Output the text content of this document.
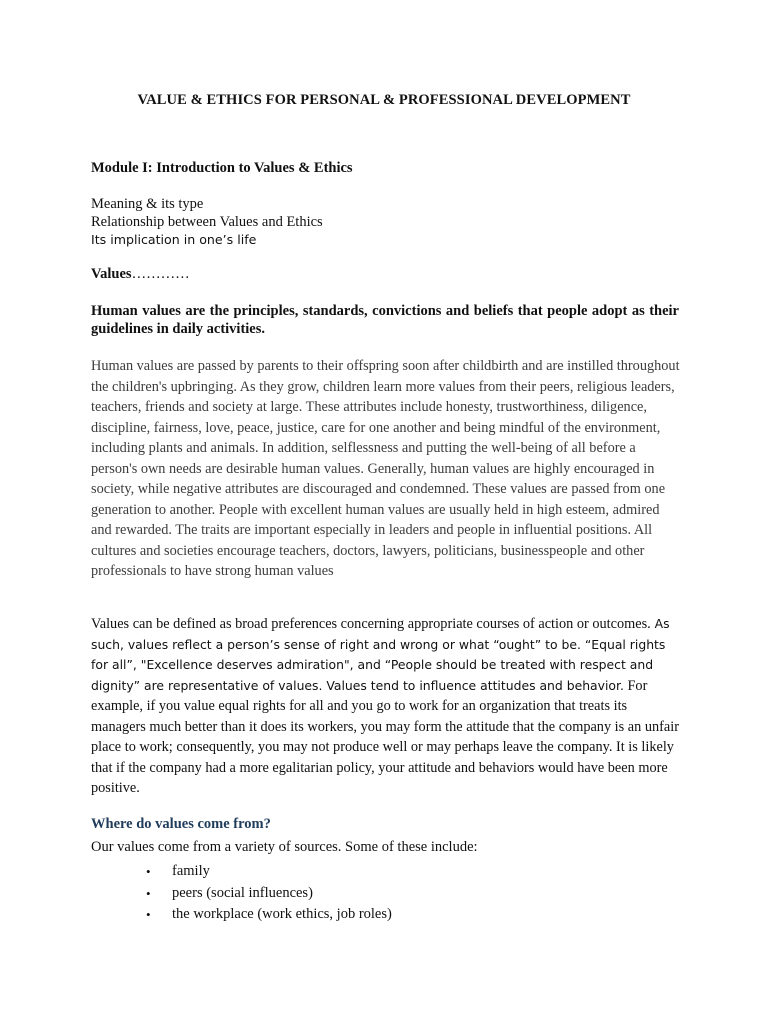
VALUE & ETHICS FOR PERSONAL & PROFESSIONAL DEVELOPMENT
Module I: Introduction to Values & Ethics
Meaning & its type
Relationship between Values and Ethics
Its implication in one’s life
Values…………
Human values are the principles, standards, convictions and beliefs that people adopt as their guidelines in daily activities.
Human values are passed by parents to their offspring soon after childbirth and are instilled throughout the children's upbringing. As they grow, children learn more values from their peers, religious leaders, teachers, friends and society at large. These attributes include honesty, trustworthiness, diligence, discipline, fairness, love, peace, justice, care for one another and being mindful of the environment, including plants and animals. In addition, selflessness and putting the well-being of all before a person's own needs are desirable human values. Generally, human values are highly encouraged in society, while negative attributes are discouraged and condemned. These values are passed from one generation to another. People with excellent human values are usually held in high esteem, admired and rewarded. The traits are important especially in leaders and people in influential positions. All cultures and societies encourage teachers, doctors, lawyers, politicians, businesspeople and other professionals to have strong human values
Values can be defined as broad preferences concerning appropriate courses of action or outcomes. As such, values reflect a person’s sense of right and wrong or what “ought” to be. “Equal rights for all”, "Excellence deserves admiration", and “People should be treated with respect and dignity” are representative of values. Values tend to influence attitudes and behavior. For example, if you value equal rights for all and you go to work for an organization that treats its managers much better than it does its workers, you may form the attitude that the company is an unfair place to work; consequently, you may not produce well or may perhaps leave the company. It is likely that if the company had a more egalitarian policy, your attitude and behaviors would have been more positive.
Where do values come from?
Our values come from a variety of sources. Some of these include:
• family
• peers (social influences)
• the workplace (work ethics, job roles)
